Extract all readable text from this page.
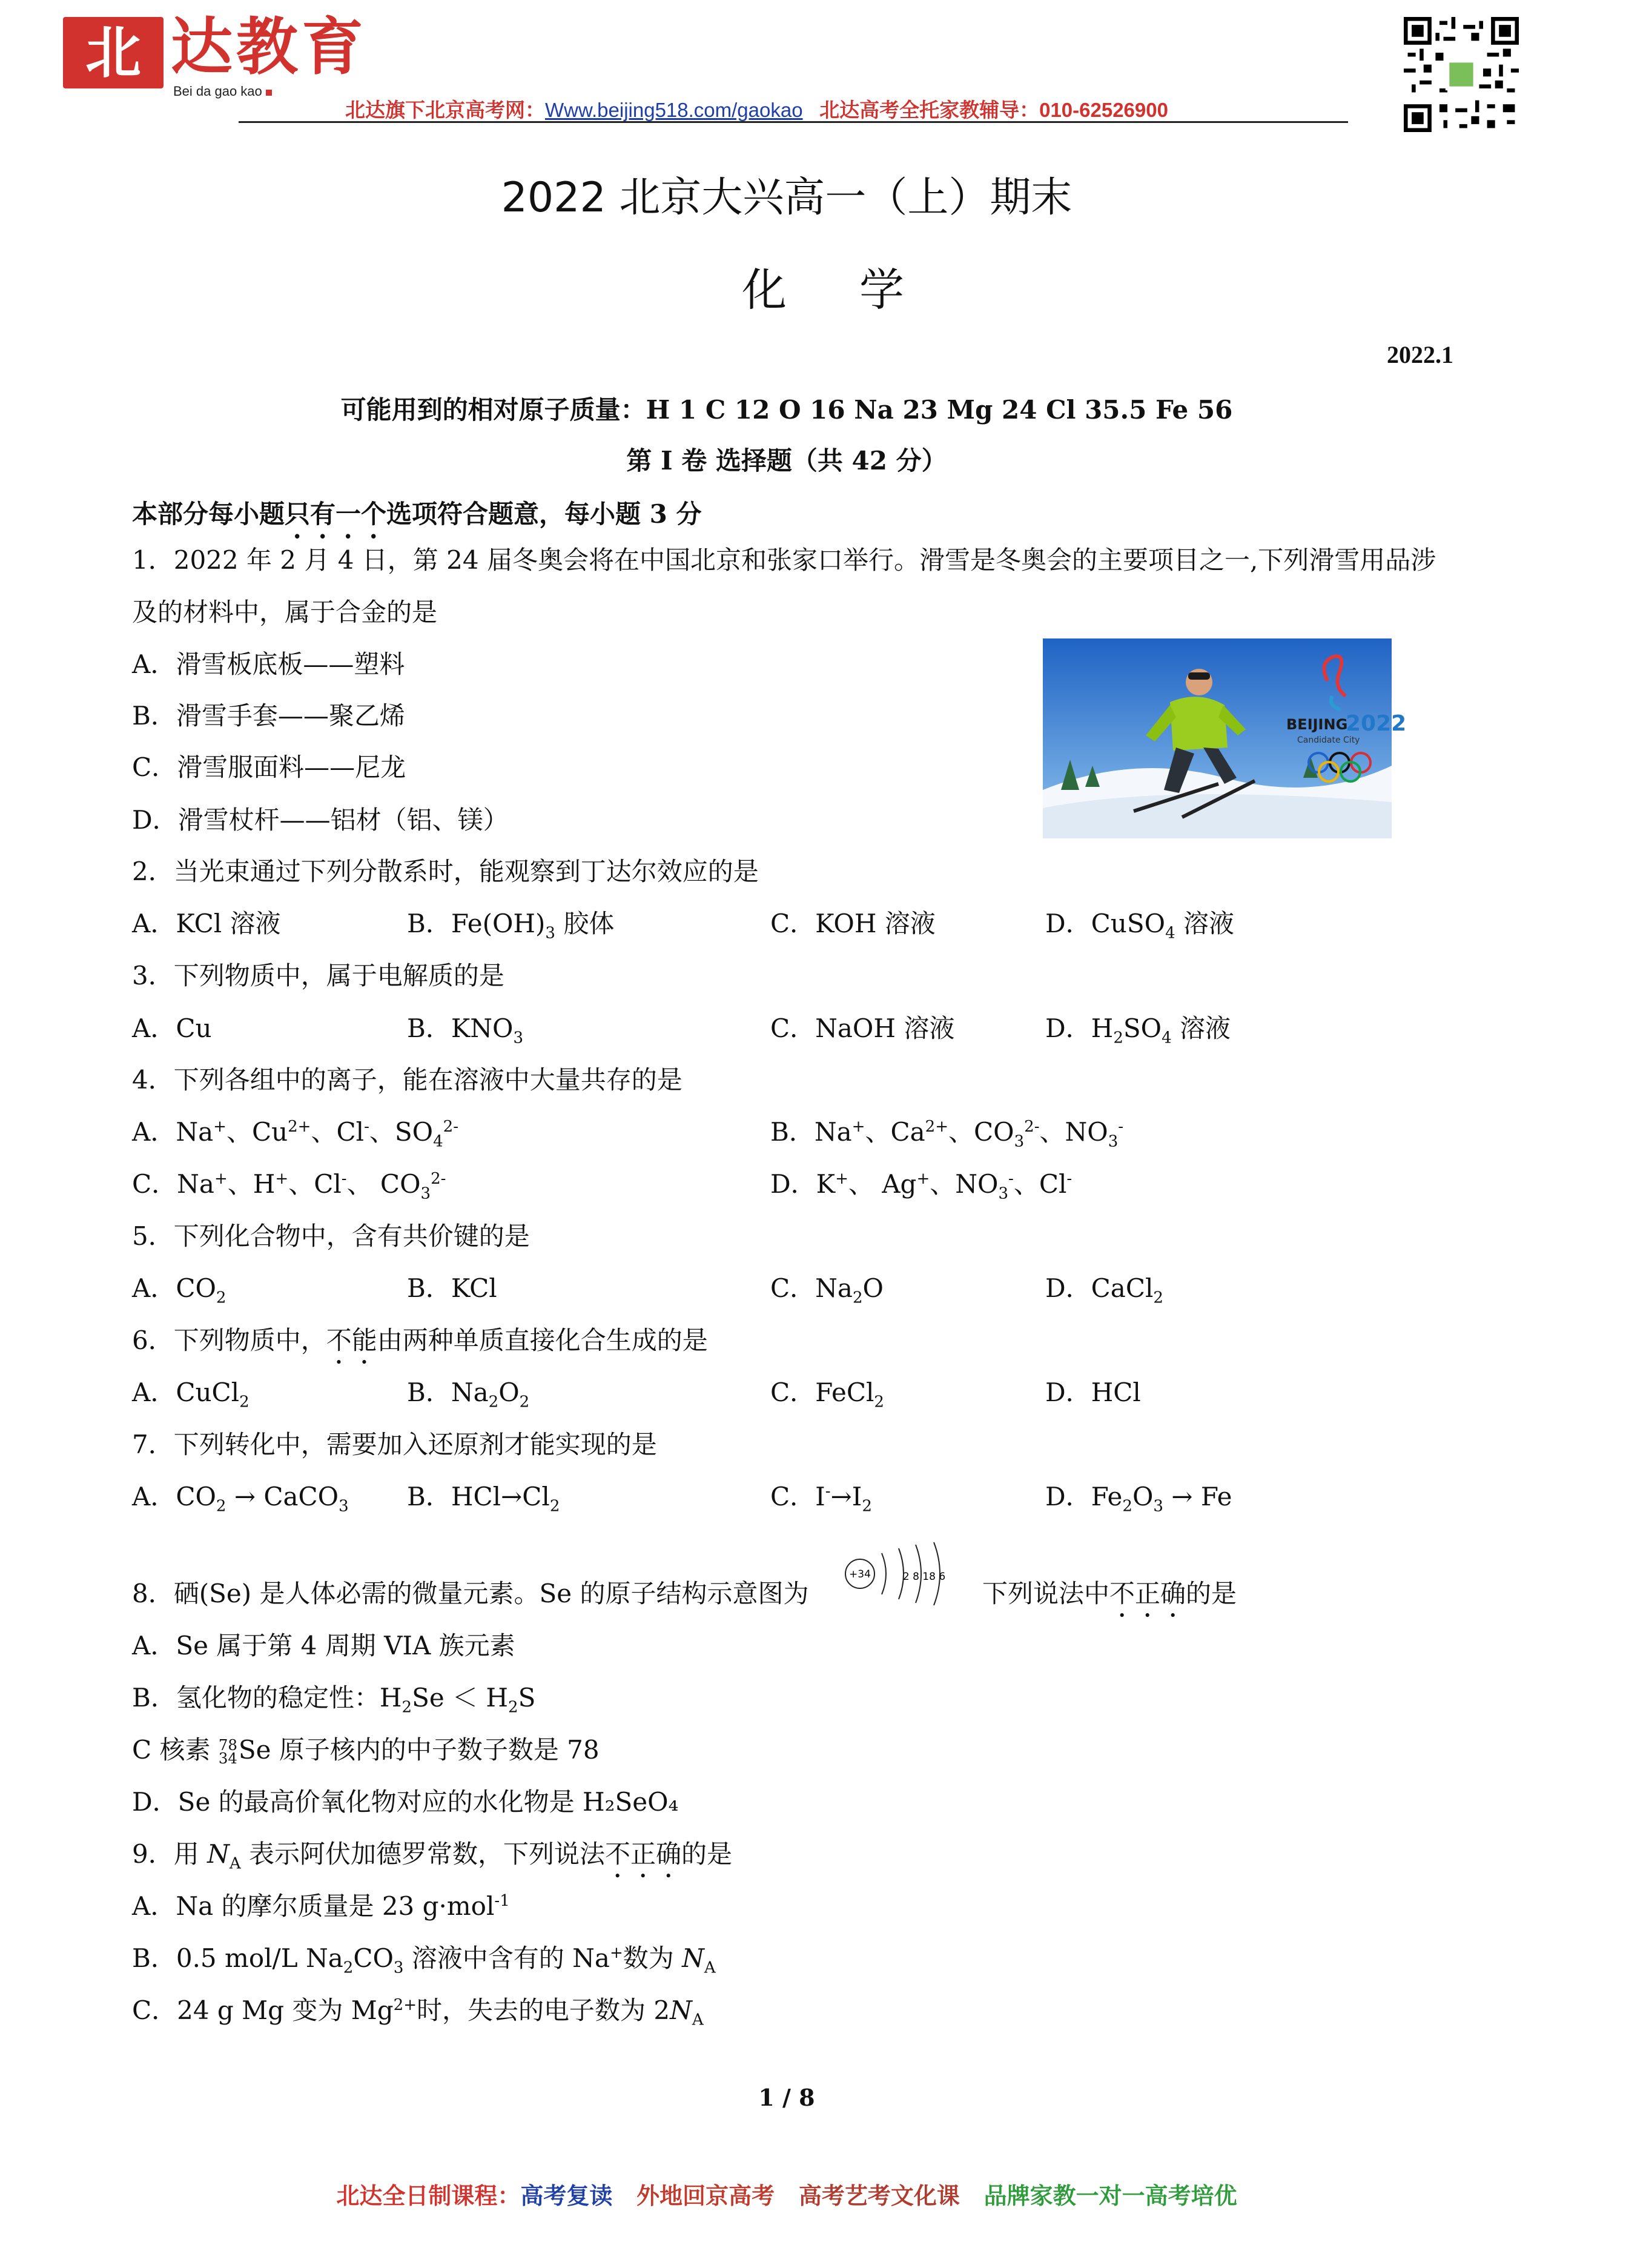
北 达教育
Bei da gao kao
北达旗下北京高考网：Www.beijing518.com/gaokao 北达高考全托家教辅导：010-62526900
2022 北京大兴高一（上）期末
化学
2022.1
可能用到的相对原子质量：H 1 C 12 O 16 Na 23 Mg 24 Cl 35.5 Fe 56
第 I 卷 选择题（共 42 分）
本部分每小题只有一个选项符合题意，每小题 3 分
1．2022 年 2 月 4 日，第 24 届冬奥会将在中国北京和张家口举行。滑雪是冬奥会的主要项目之一,下列滑雪用品涉
及的材料中，属于合金的是
A．滑雪板底板——塑料
B．滑雪手套——聚乙烯
C．滑雪服面料——尼龙
D．滑雪杖杆——铝材（铝、镁）
BEIJING
2022
Candidate City
2．当光束通过下列分散系时，能观察到丁达尔效应的是
A．KCl 溶液	B．$Fe(OH)_3$ 胶体	C．KOH 溶液	D．CuSO$_4$ 溶液
3．下列物质中，属于电解质的是
A．Cu	B．$KNO_3$	C．NaOH 溶液	D．$H_2SO_4$ 溶液
4．下列各组中的离子，能在溶液中大量共存的是
A．Na+、$Cu^{2+}$、Cl-、$SO_4^{2-}$	B．Na+、$Ca^{2+}$、$CO_3^{2-}$、$NO_3^-$
C．Na+、H+、Cl-、 $CO_3^{2-}$	D．K+、 Ag+、$NO_3^-$、Cl-
5．下列化合物中，含有共价键的是
A．$CO_2$	B．KCl	C．$Na_2O$	D．CaCl$_2$
6．下列物质中，不能由两种单质直接化合生成的是
A．CuCl$_2$	B．$Na_2O_2$	C．FeCl$_2$	D．HCl
7．下列转化中，需要加入还原剂才能实现的是
A．$CO_2$ → CaCO$_3$ B．$HCl\to Cl_2$	C．$I^-\to I_2$	D．$Fe_2O_3 \to Fe$
8．硒(Se) 是人体必需的微量元素。Se 的原子结构示意图为
+34	2 8 18 6
下列说法中不正确的是
A．Se 属于第 4 周期 VIA 族元素
B．氢化物的稳定性：$H_2Se < H_2S$
C 核素 78
34Se 原子核内的中子数子数是 78
D．Se 的最高价氧化物对应的水化物是 H₂SeO₄
9．用 $N_A$ 表示阿伏加德罗常数，下列说法不正确的是
A．Na 的摩尔质量是 23 g·mol$^{-1}$
B．0.5 mol/L $Na_2CO_3$ 溶液中含有的 Na+数为 $N_A$
C．24 g Mg 变为 $Mg^{2+}$时，失去的电子数为 $2N_A$
1 / 8
北达全日制课程：高考复读 外地回京高考 高考艺考文化课 品牌家教一对一高考培优
